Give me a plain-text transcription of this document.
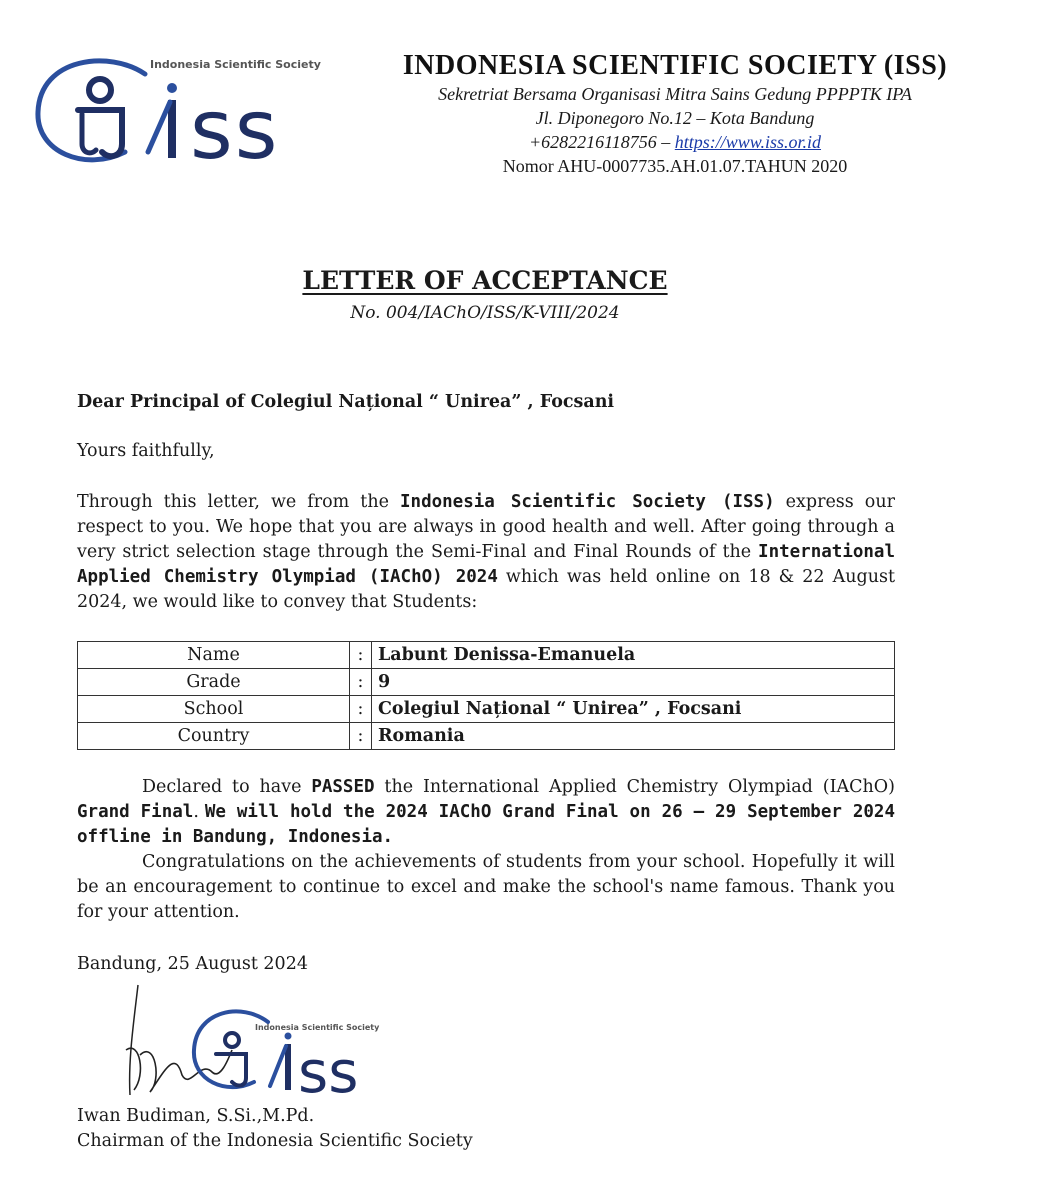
ss
Indonesia Scientific Society	INDONESIA SCIENTIFIC SOCIETY (ISS)
Sekretriat Bersama Organisasi Mitra Sains Gedung PPPPTK IPA
Jl. Diponegoro No.12 – Kota Bandung
+6282216118756 – https://www.iss.or.id
Nomor AHU-0007735.AH.01.07.TAHUN 2020
LETTER OF ACCEPTANCE
No. 004/IAChO/ISS/K-VIII/2024
Dear Principal of Colegiul Național “ Unirea” , Focsani
Yours faithfully,
Through this letter, we from the Indonesia Scientific Society (ISS) express our respect to you. We hope that you are always in good health and well. After going through a very strict selection stage through the Semi-Final and Final Rounds of the International Applied Chemistry Olympiad (IAChO) 2024 which was held online on 18 & 22 August 2024, we would like to convey that Students:
Name	:	Labunt Denissa-Emanuela
Grade	:	9
School	:	Colegiul Național “ Unirea” , Focsani
Country	:	Romania
Declared to have PASSED the International Applied Chemistry Olympiad (IAChO) Grand Final. We will hold the 2024 IAChO Grand Final on 26 – 29 September 2024 offline in Bandung, Indonesia.
Congratulations on the achievements of students from your school. Hopefully it will be an encouragement to continue to excel and make the school's name famous. Thank you for your attention.
Bandung, 25 August 2024
ss
Indonesia Scientific Society
Iwan Budiman, S.Si.,M.Pd.
Chairman of the Indonesia Scientific Society
